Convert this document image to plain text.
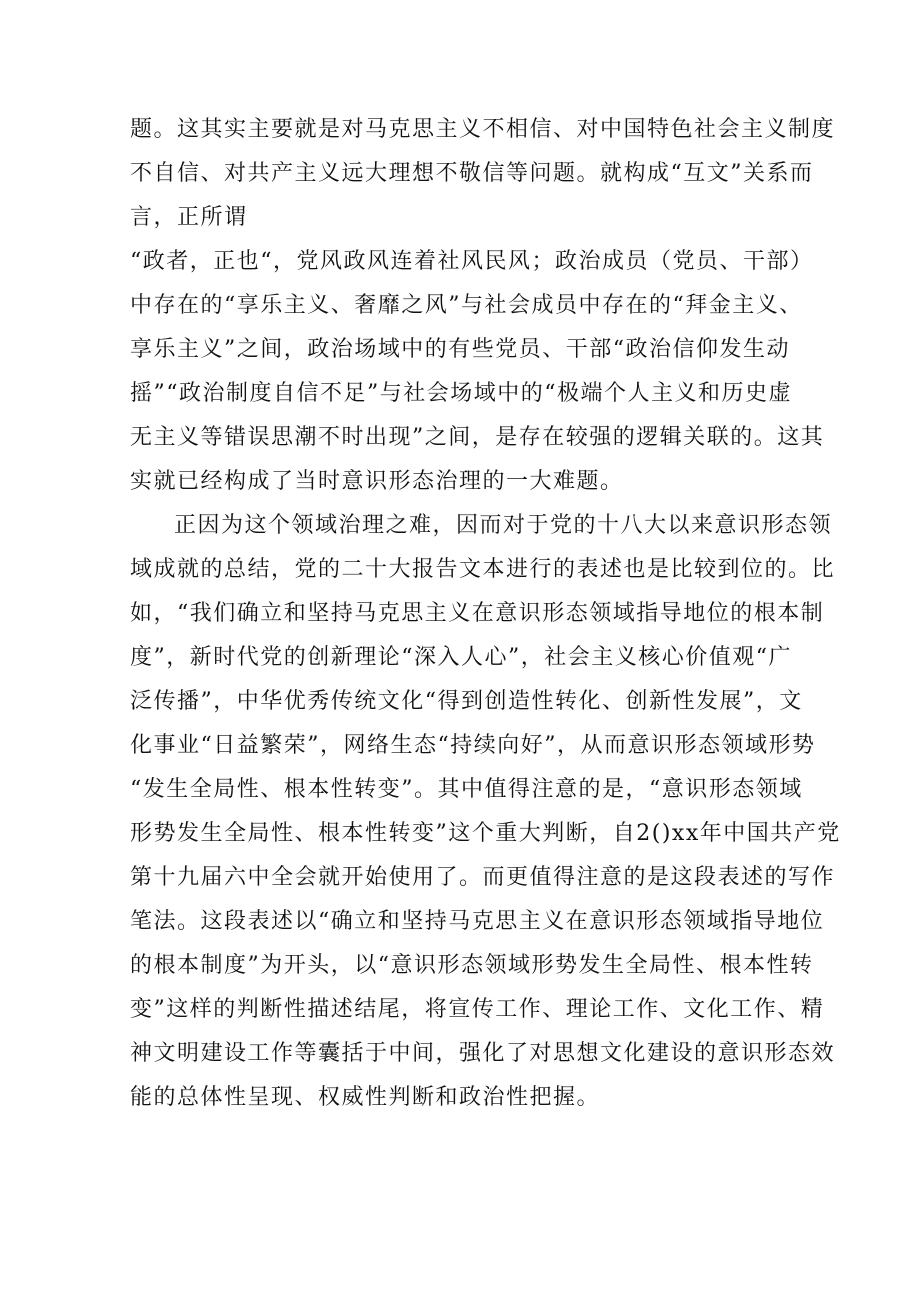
题。这其实主要就是对马克思主义不相信、对中国特色社会主义制度
不自信、对共产主义远大理想不敬信等问题。就构成“互文”关系而
言，正所谓
“政者，正也“，党风政风连着社风民风；政治成员（党员、干部）
中存在的“享乐主义、奢靡之风”与社会成员中存在的“拜金主义、
享乐主义”之间，政治场域中的有些党员、干部“政治信仰发生动
摇”“政治制度自信不足”与社会场域中的“极端个人主义和历史虚
无主义等错误思潮不时出现”之间，是存在较强的逻辑关联的。这其
实就已经构成了当时意识形态治理的一大难题。
正因为这个领域治理之难，因而对于党的十八大以来意识形态领
域成就的总结，党的二十大报告文本进行的表述也是比较到位的。比
如，“我们确立和坚持马克思主义在意识形态领域指导地位的根本制
度”，新时代党的创新理论“深入人心”，社会主义核心价值观“广
泛传播”，中华优秀传统文化“得到创造性转化、创新性发展”，文
化事业“日益繁荣”，网络生态“持续向好”，从而意识形态领域形势
“发生全局性、根本性转变”。其中值得注意的是，“意识形态领域
形势发生全局性、根本性转变”这个重大判断，自2()xx年中国共产党
第十九届六中全会就开始使用了。而更值得注意的是这段表述的写作
笔法。这段表述以“确立和坚持马克思主义在意识形态领域指导地位
的根本制度”为开头，以“意识形态领域形势发生全局性、根本性转
变”这样的判断性描述结尾，将宣传工作、理论工作、文化工作、精
神文明建设工作等囊括于中间，强化了对思想文化建设的意识形态效
能的总体性呈现、权威性判断和政治性把握。
